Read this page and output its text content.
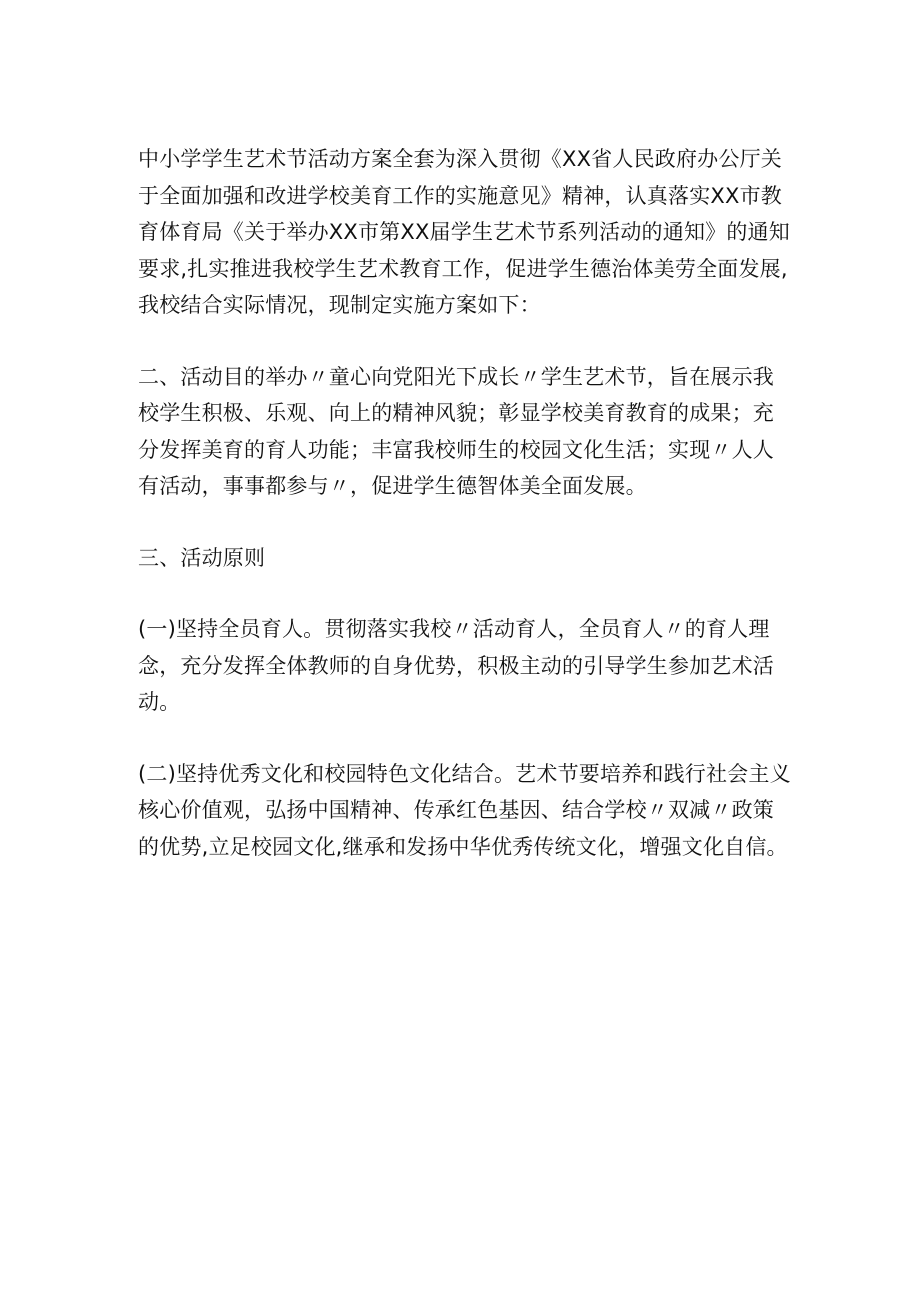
中小学学生艺术节活动方案全套为深入贯彻《XX省人民政府办公厅关于全面加强和改进学校美育工作的实施意见》精神，认真落实XX市教育体育局《关于举办XX市第XX届学生艺术节系列活动的通知》的通知要求,扎实推进我校学生艺术教育工作，促进学生德治体美劳全面发展,我校结合实际情况，现制定实施方案如下：

二、活动目的举办〃童心向党阳光下成长〃学生艺术节，旨在展示我校学生积极、乐观、向上的精神风貌；彰显学校美育教育的成果；充分发挥美育的育人功能；丰富我校师生的校园文化生活；实现〃人人有活动，事事都参与〃，促进学生德智体美全面发展。

三、活动原则

(一)坚持全员育人。贯彻落实我校〃活动育人，全员育人〃的育人理念，充分发挥全体教师的自身优势，积极主动的引导学生参加艺术活动。

(二)坚持优秀文化和校园特色文化结合。艺术节要培养和践行社会主义核心价值观，弘扬中国精神、传承红色基因、结合学校〃双减〃政策的优势,立足校园文化,继承和发扬中华优秀传统文化，增强文化自信。
